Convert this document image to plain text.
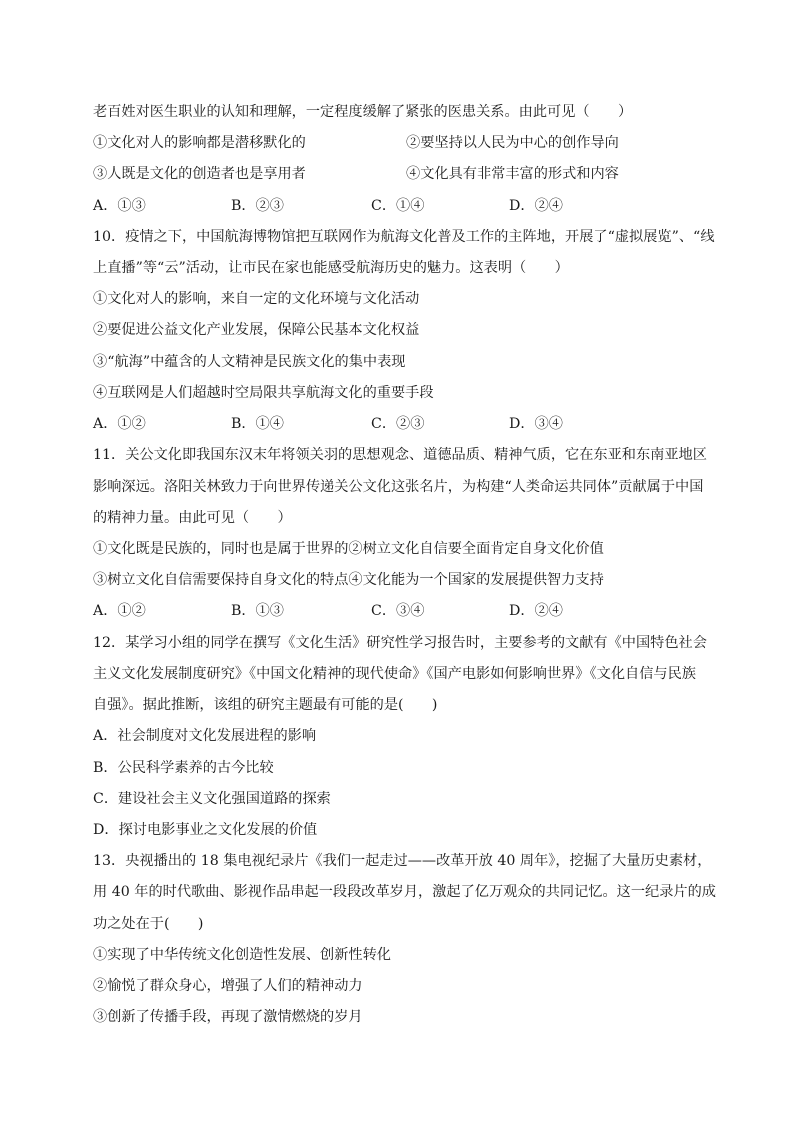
老百姓对医生职业的认知和理解，一定程度缓解了紧张的医患关系。由此可见（　　）
①文化对人的影响都是潜移默化的	②要坚持以人民为中心的创作导向
③人既是文化的创造者也是享用者	④文化具有非常丰富的形式和内容
A．①③	B．②③	C．①④	D．②④
10．疫情之下，中国航海博物馆把互联网作为航海文化普及工作的主阵地，开展了“虚拟展览”、“线
上直播”等“云”活动，让市民在家也能感受航海历史的魅力。这表明（　　）
①文化对人的影响，来自一定的文化环境与文化活动
②要促进公益文化产业发展，保障公民基本文化权益
③“航海”中蕴含的人文精神是民族文化的集中表现
④互联网是人们超越时空局限共享航海文化的重要手段
A．①②	B．①④	C．②③	D．③④
11．关公文化即我国东汉末年将领关羽的思想观念、道德品质、精神气质，它在东亚和东南亚地区
影响深远。洛阳关林致力于向世界传递关公文化这张名片，为构建“人类命运共同体”贡献属于中国
的精神力量。由此可见（　　）
①文化既是民族的，同时也是属于世界的②树立文化自信要全面肯定自身文化价值
③树立文化自信需要保持自身文化的特点④文化能为一个国家的发展提供智力支持
A．①②	B．①③	C．③④	D．②④
12．某学习小组的同学在撰写《文化生活》研究性学习报告时，主要参考的文献有《中国特色社会
主义文化发展制度研究》《中国文化精神的现代使命》《国产电影如何影响世界》《文化自信与民族
自强》。据此推断，该组的研究主题最有可能的是(　　)
A．社会制度对文化发展进程的影响
B．公民科学素养的古今比较
C．建设社会主义文化强国道路的探索
D．探讨电影事业之文化发展的价值
13．央视播出的 18 集电视纪录片《我们一起走过——改革开放 40 周年》，挖掘了大量历史素材，
用 40 年的时代歌曲、影视作品串起一段段改革岁月，激起了亿万观众的共同记忆。这一纪录片的成
功之处在于(　　)
①实现了中华传统文化创造性发展、创新性转化
②愉悦了群众身心，增强了人们的精神动力
③创新了传播手段，再现了激情燃烧的岁月
